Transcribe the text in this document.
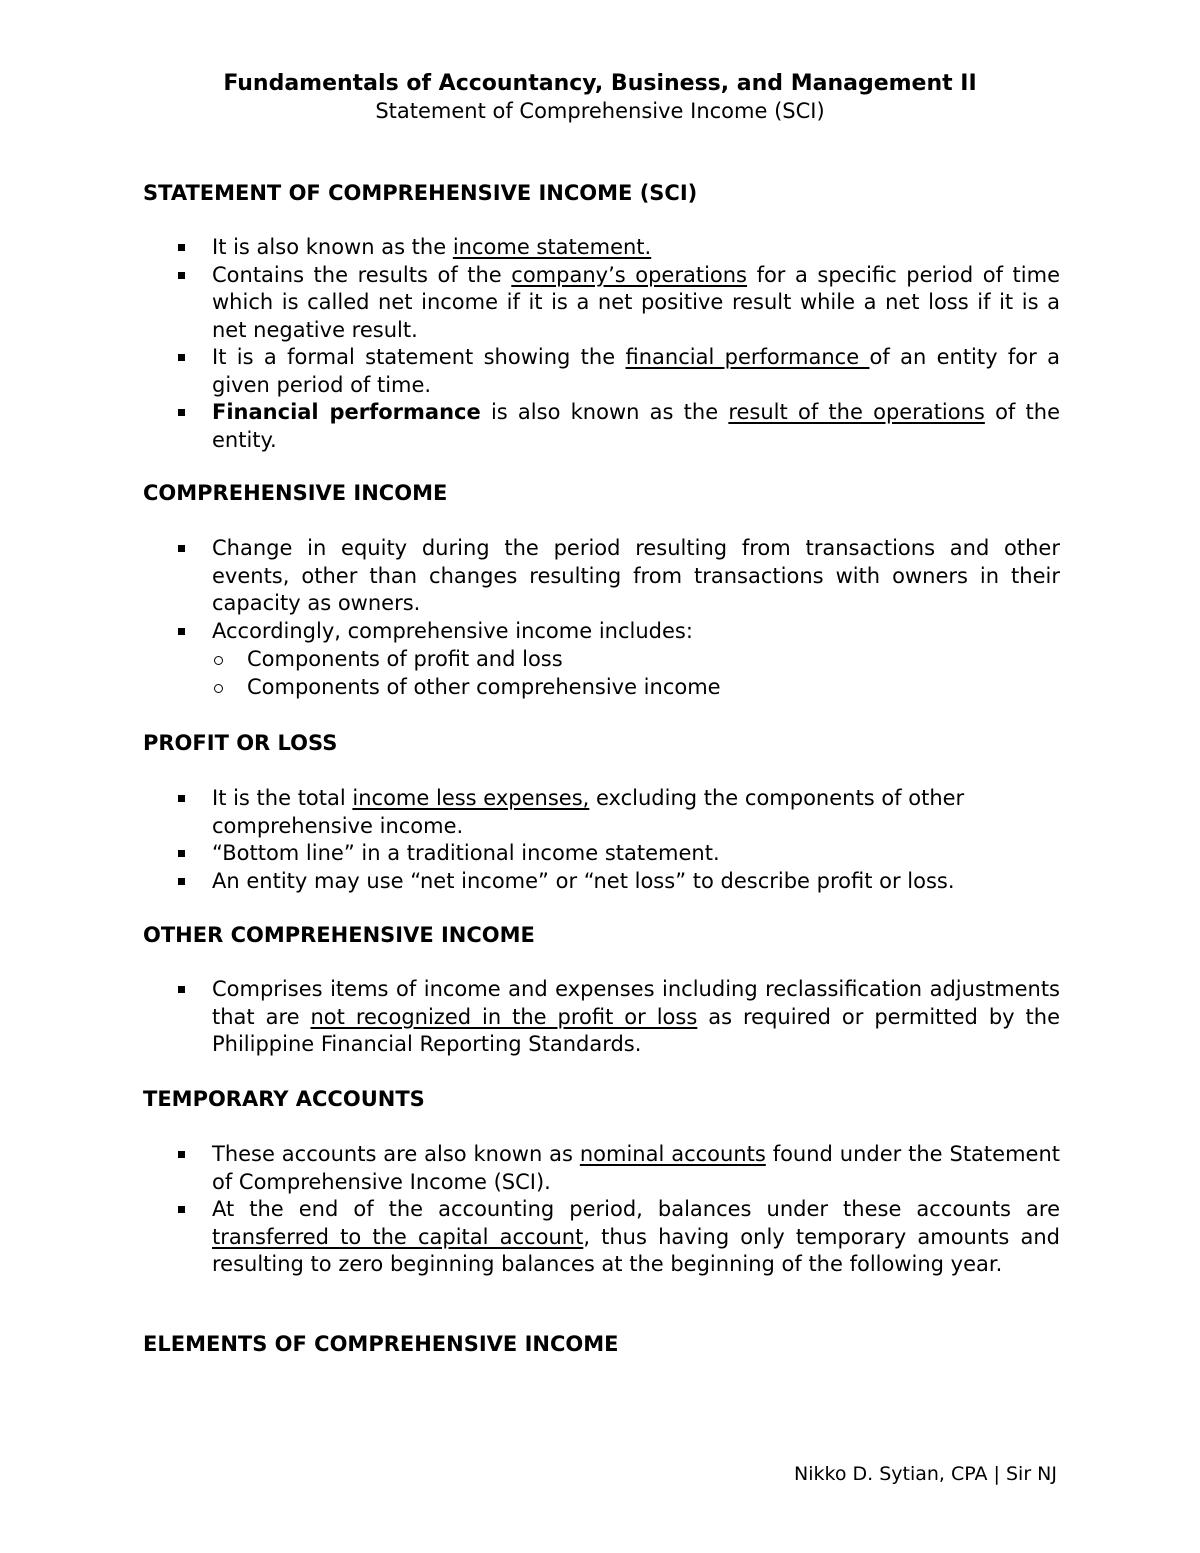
Fundamentals of Accountancy, Business, and Management II
Statement of Comprehensive Income (SCI)
STATEMENT OF COMPREHENSIVE INCOME (SCI)
It is also known as the income statement.
Contains the results of the company’s operations for a specific period of time which is called net income if it is a net positive result while a net loss if it is a net negative result.
It is a formal statement showing the financial performance of an entity for a given period of time.
Financial performance is also known as the result of the operations of the entity.
COMPREHENSIVE INCOME
Change in equity during the period resulting from transactions and other events, other than changes resulting from transactions with owners in their capacity as owners.
Accordingly, comprehensive income includes:
Components of profit and loss
Components of other comprehensive income
PROFIT OR LOSS
It is the total income less expenses, excluding the components of other comprehensive income.
“Bottom line” in a traditional income statement.
An entity may use “net income” or “net loss” to describe profit or loss.
OTHER COMPREHENSIVE INCOME
Comprises items of income and expenses including reclassification adjustments that are not recognized in the profit or loss as required or permitted by the Philippine Financial Reporting Standards.
TEMPORARY ACCOUNTS
These accounts are also known as nominal accounts found under the Statement of Comprehensive Income (SCI).
At the end of the accounting period, balances under these accounts are transferred to the capital account, thus having only temporary amounts and resulting to zero beginning balances at the beginning of the following year.
ELEMENTS OF COMPREHENSIVE INCOME
Nikko D. Sytian, CPA | Sir NJ
